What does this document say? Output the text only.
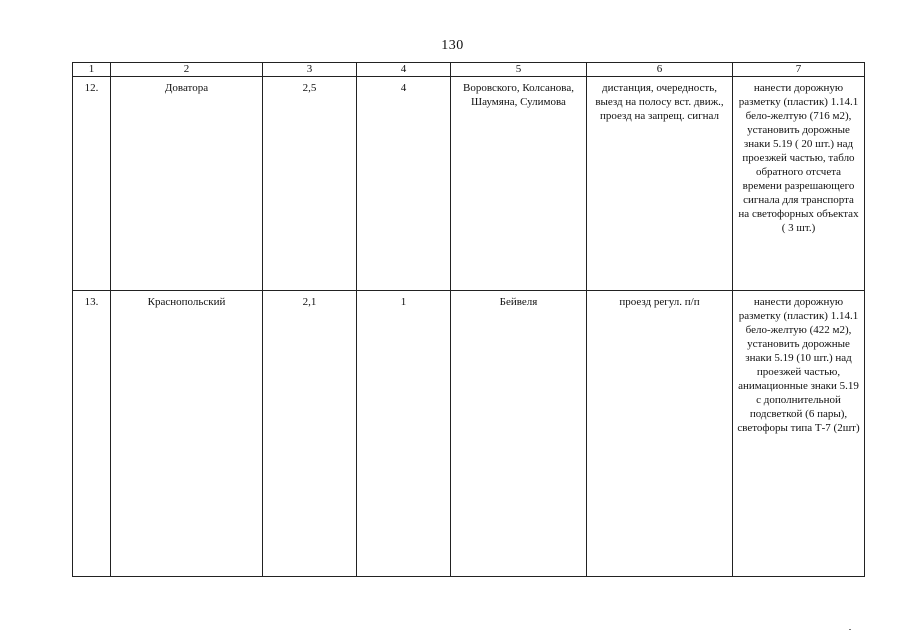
130
1	2	3	4	5	6	7
12.	Доватора	2,5	4	Воровского, Колсанова, Шаумяна, Сулимова	дистанция, очередность, выезд на полосу вст. движ., проезд на запрещ. сигнал	нанести дорожную разметку (пластик) 1.14.1 бело-желтую (716 м2), установить дорожные знаки 5.19 ( 20 шт.) над проезжей частью, табло обратного отсчета времени разрешающего сигнала для транспорта на светофорных объектах ( 3 шт.)
13.	Краснопольский	2,1	1	Бейвеля	проезд регул. п/п	нанести дорожную разметку (пластик) 1.14.1 бело-желтую (422 м2), установить дорожные знаки 5.19 (10 шт.) над проезжей частью, анимационные знаки 5.19 с дополнительной подсветкой (6 пары), светофоры типа Т-7 (2шт)
